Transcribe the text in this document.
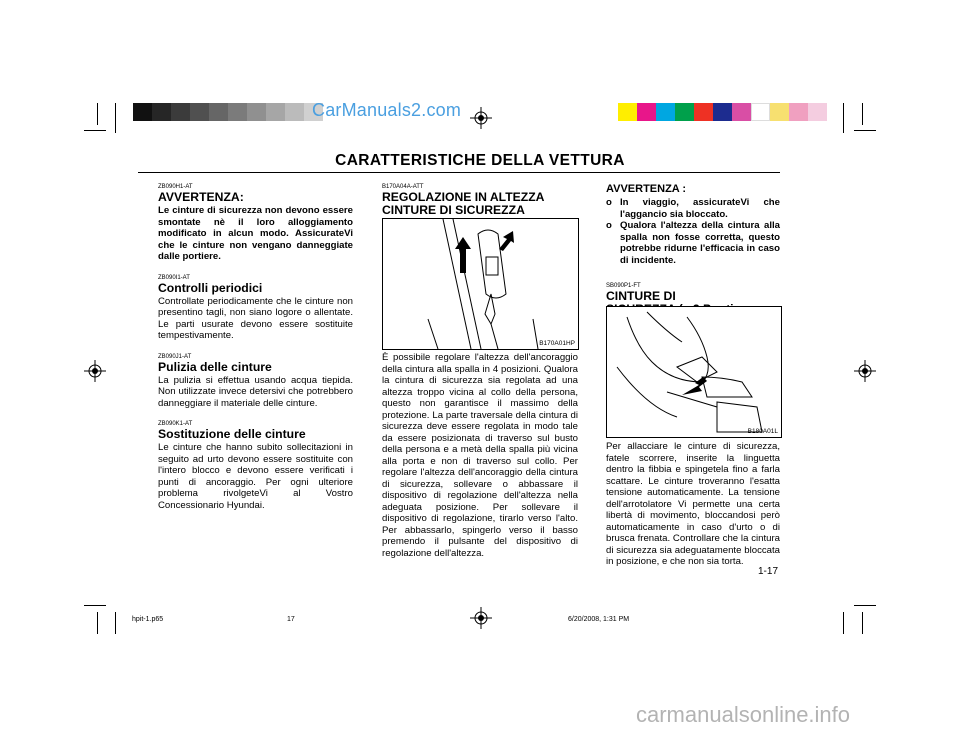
CarManuals2.com
CARATTERISTICHE DELLA VETTURA
ZB090H1-AT
AVVERTENZA:

Le cinture di sicurezza non devono essere smontate nè il loro alloggiamento modificato in alcun modo. AssicurateVi che le cinture non vengano danneggiate dalle portiere.

ZB090I1-AT
Controlli periodici

Controllate periodicamente che le cinture non presentino tagli, non siano logore o allentate. Le parti usurate devono essere sostituite tempestivamente.

ZB090J1-AT
Pulizia delle cinture

La pulizia si effettua usando acqua tiepida. Non utilizzate invece detersivi che potrebbero danneggiare il materiale delle cinture.

ZB090K1-AT
Sostituzione delle cinture

Le cinture che hanno subito sollecitazioni in seguito ad urto devono essere sostituite con l'intero blocco e devono essere verificati i punti di ancoraggio. Per ogni ulteriore problema rivolgeteVi al Vostro Concessionario Hyundai.

B170A04A-ATT
REGOLAZIONE IN ALTEZZA CINTURE DI SICUREZZA
B170A01HP

È possibile regolare l'altezza dell'ancoraggio della cintura alla spalla in 4 posizioni. Qualora la cintura di sicurezza sia regolata ad una altezza troppo vicina al collo della persona, questo non garantisce il massimo della protezione. La parte traversale della cintura di sicurezza deve essere regolata in modo tale da essere posizionata di traverso sul busto della persona e a metà della spalla più vicina alla porta e non di traverso sul collo. Per regolare l'altezza dell'ancoraggio della cintura di sicurezza, sollevare o abbassare il dispositivo di regolazione dell'altezza nella adeguata posizione. Per sollevare il dispositivo di regolazione, tirarlo verso l'alto. Per abbassarlo, spingerlo verso il basso premendo il pulsante del dispositivo di regolazione dell'altezza.

AVVERTENZA :
o In viaggio, assicurateVi che l'aggancio sia bloccato.
o Qualora l'altezza della cintura alla spalla non fosse corretta, questo potrebbe ridurne l'efficacia in caso di incidente.
SB090P1-FT
CINTURE DI
B180A01L

Per allacciare le cinture di sicurezza, fatele scorrere, inserite la linguetta dentro la fibbia e spingetela fino a farla scattare. Le cinture troveranno l'esatta tensione automaticamente. La tensione dell'arrotolatore Vi permette una certa libertà di movimento, bloccandosi però automaticamente in caso d'urto o di brusca frenata. Controllare che la cintura di sicurezza sia adeguatamente bloccata in posizione, e che non sia torta.

1-17
hpit-1.p65	17	6/20/2008, 1:31 PM
carmanualsonline.info
